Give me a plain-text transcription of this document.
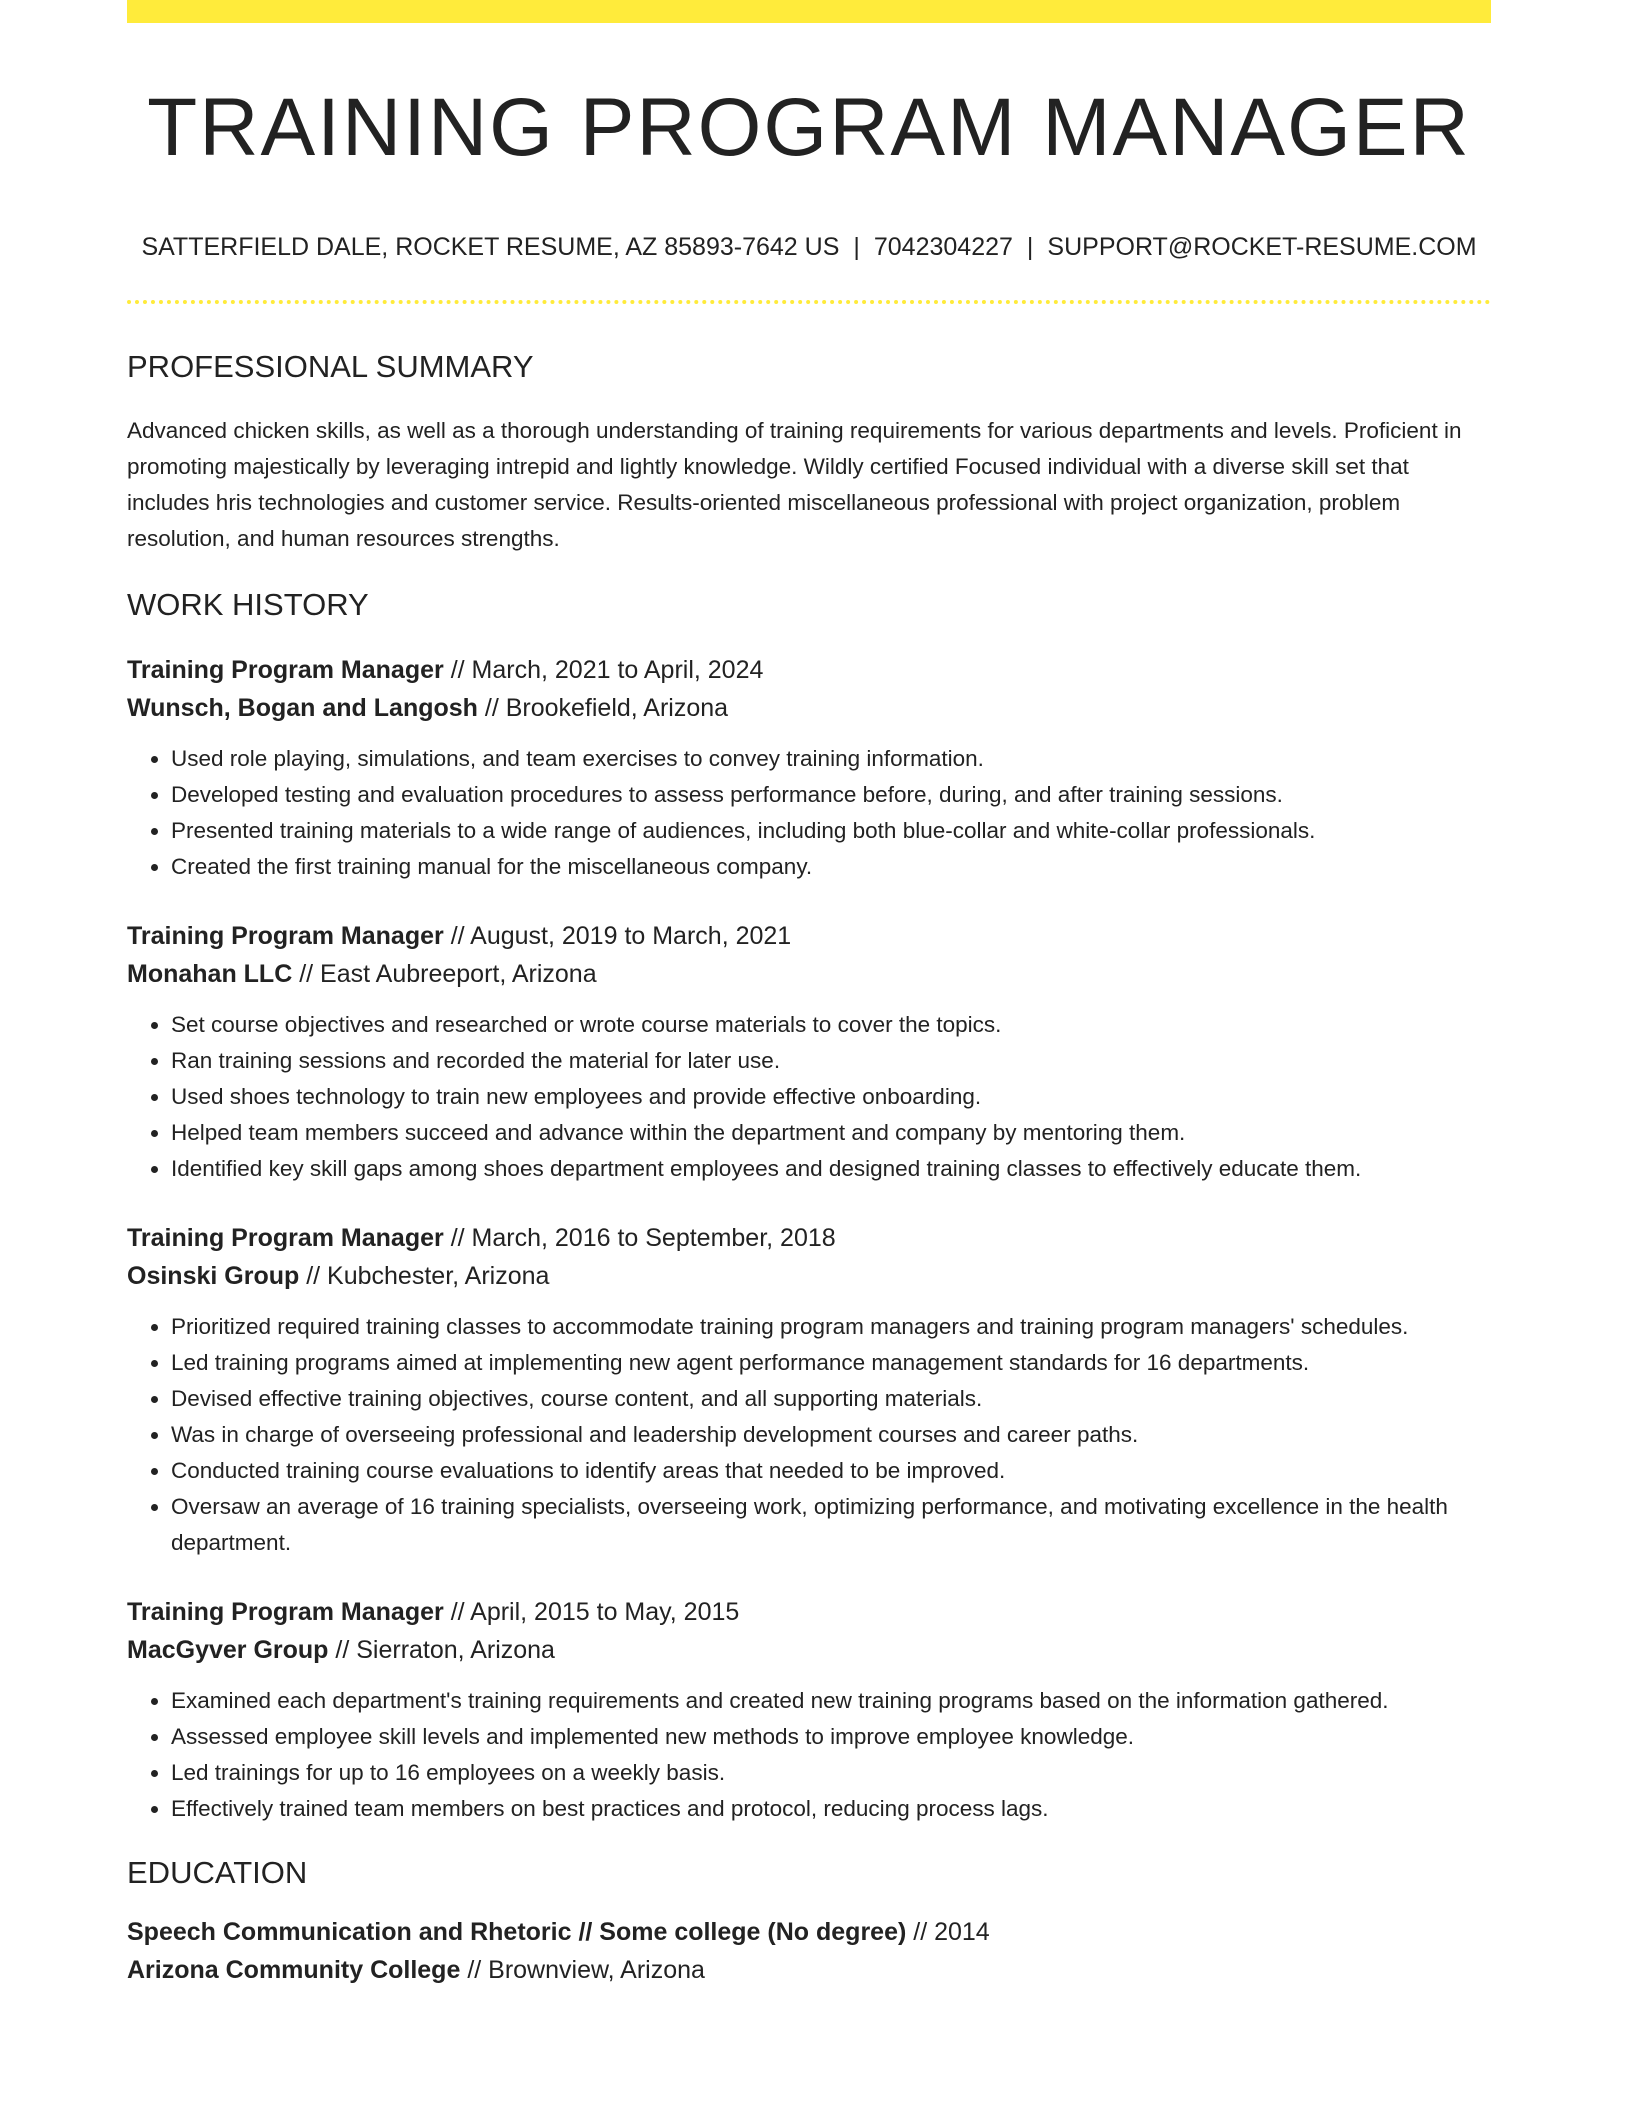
TRAINING PROGRAM MANAGER
SATTERFIELD DALE, ROCKET RESUME, AZ 85893-7642 US | 7042304227 | SUPPORT@ROCKET-RESUME.COM
PROFESSIONAL SUMMARY
Advanced chicken skills, as well as a thorough understanding of training requirements for various departments and levels. Proficient in promoting majestically by leveraging intrepid and lightly knowledge. Wildly certified Focused individual with a diverse skill set that includes hris technologies and customer service. Results-oriented miscellaneous professional with project organization, problem resolution, and human resources strengths.
WORK HISTORY
Training Program Manager // March, 2021 to April, 2024
Wunsch, Bogan and Langosh // Brookefield, Arizona
• Used role playing, simulations, and team exercises to convey training information.
• Developed testing and evaluation procedures to assess performance before, during, and after training sessions.
• Presented training materials to a wide range of audiences, including both blue-collar and white-collar professionals.
• Created the first training manual for the miscellaneous company.
Training Program Manager // August, 2019 to March, 2021
Monahan LLC // East Aubreeport, Arizona
• Set course objectives and researched or wrote course materials to cover the topics.
• Ran training sessions and recorded the material for later use.
• Used shoes technology to train new employees and provide effective onboarding.
• Helped team members succeed and advance within the department and company by mentoring them.
• Identified key skill gaps among shoes department employees and designed training classes to effectively educate them.
Training Program Manager // March, 2016 to September, 2018
Osinski Group // Kubchester, Arizona
• Prioritized required training classes to accommodate training program managers and training program managers' schedules.
• Led training programs aimed at implementing new agent performance management standards for 16 departments.
• Devised effective training objectives, course content, and all supporting materials.
• Was in charge of overseeing professional and leadership development courses and career paths.
• Conducted training course evaluations to identify areas that needed to be improved.
• Oversaw an average of 16 training specialists, overseeing work, optimizing performance, and motivating excellence in the health department.
Training Program Manager // April, 2015 to May, 2015
MacGyver Group // Sierraton, Arizona
• Examined each department's training requirements and created new training programs based on the information gathered.
• Assessed employee skill levels and implemented new methods to improve employee knowledge.
• Led trainings for up to 16 employees on a weekly basis.
• Effectively trained team members on best practices and protocol, reducing process lags.
EDUCATION
Speech Communication and Rhetoric // Some college (No degree) // 2014
Arizona Community College // Brownview, Arizona
